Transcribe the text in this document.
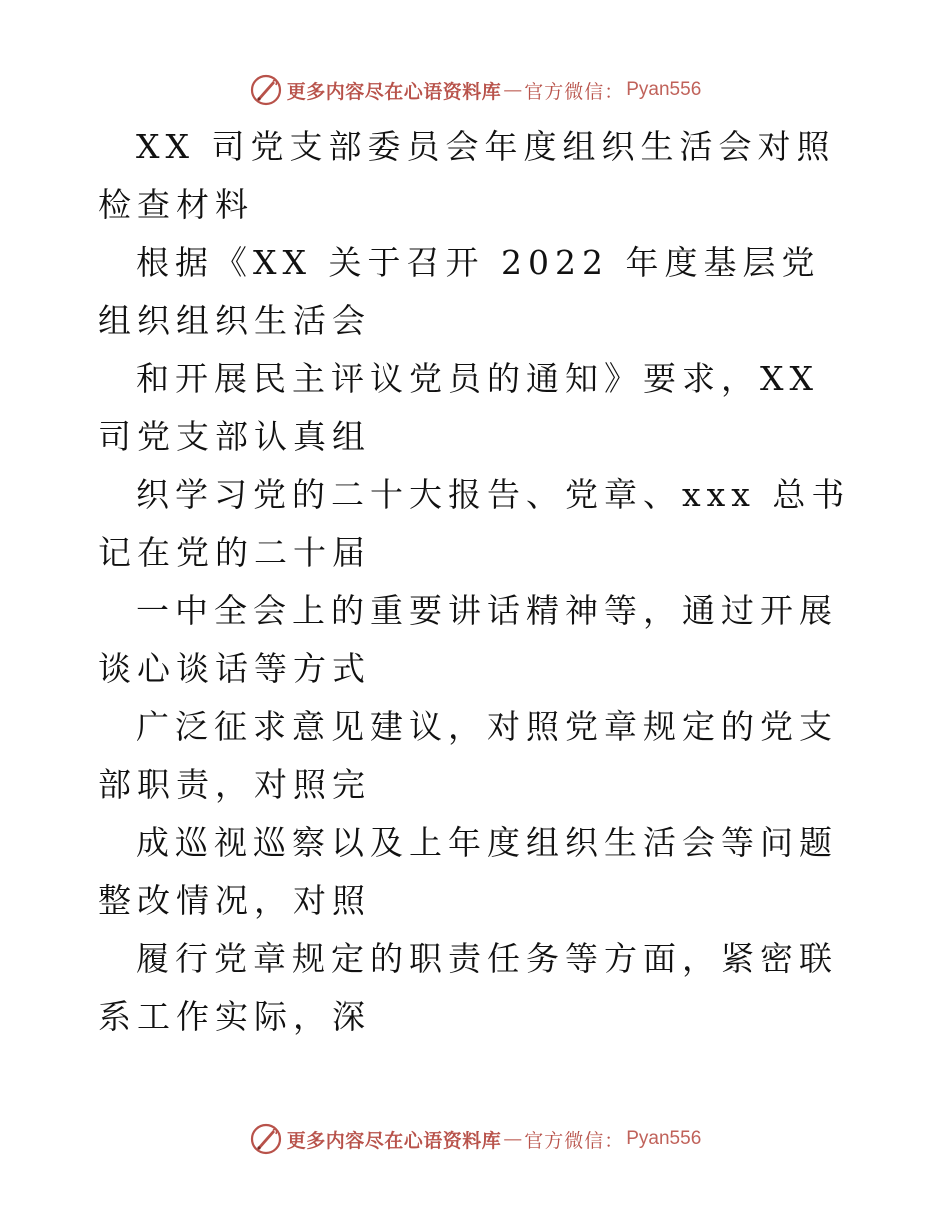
更多内容尽在心语资料库 — 官方微信： Pyan556

XX 司党支部委员会年度组织生活会对照检查材料

根据《XX 关于召开 2022 年度基层党组织组织生活会

和开展民主评议党员的通知》要求，XX 司党支部认真组

织学习党的二十大报告、党章、xxx 总书记在党的二十届

一中全会上的重要讲话精神等，通过开展谈心谈话等方式

广泛征求意见建议，对照党章规定的党支部职责，对照完

成巡视巡察以及上年度组织生活会等问题整改情况，对照

履行党章规定的职责任务等方面，紧密联系工作实际，深

更多内容尽在心语资料库 — 官方微信： Pyan556
